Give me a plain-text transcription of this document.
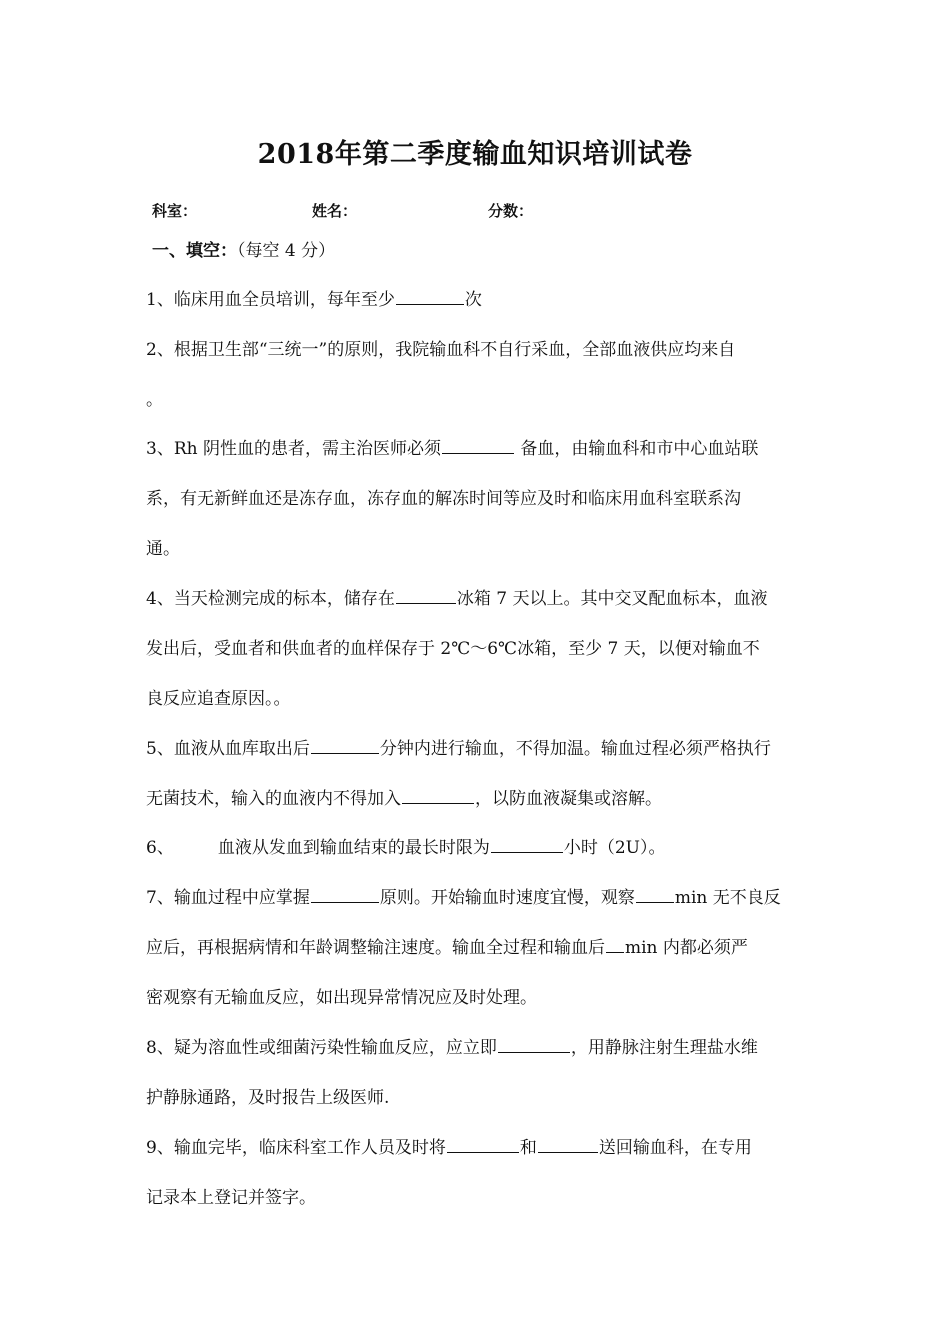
2018年第二季度输血知识培训试卷
科室：	姓名：	分数：
一、填空：（每空 4 分）
1、临床用血全员培训，每年至少	次
2、根据卫生部“三统一”的原则，我院输血科不自行采血，全部血液供应均来自
。
3、Rh 阴性血的患者，需主治医师必须	备血，由输血科和市中心血站联
系，有无新鲜血还是冻存血，冻存血的解冻时间等应及时和临床用血科室联系沟
通。
4、当天检测完成的标本，储存在	冰箱 7 天以上。其中交叉配血标本，血液
发出后，受血者和供血者的血样保存于 2℃～6℃冰箱，至少 7 天，以便对输血不
良反应追查原因。。
5、血液从血库取出后	分钟内进行输血，不得加温。输血过程必须严格执行
无菌技术，输入的血液内不得加入	，以防血液凝集或溶解。
6、	血液从发血到输血结束的最长时限为	小时（2U）。
7、输血过程中应掌握	原则。开始输血时速度宜慢，观察 min 无不良反
应后，再根据病情和年龄调整输注速度。输血全过程和输血后 min 内都必须严
密观察有无输血反应，如出现异常情况应及时处理。
8、疑为溶血性或细菌污染性输血反应，应立即	，用静脉注射生理盐水维
护静脉通路，及时报告上级医师.
9、输血完毕，临床科室工作人员及时将	和	送回输血科，在专用
记录本上登记并签字。
